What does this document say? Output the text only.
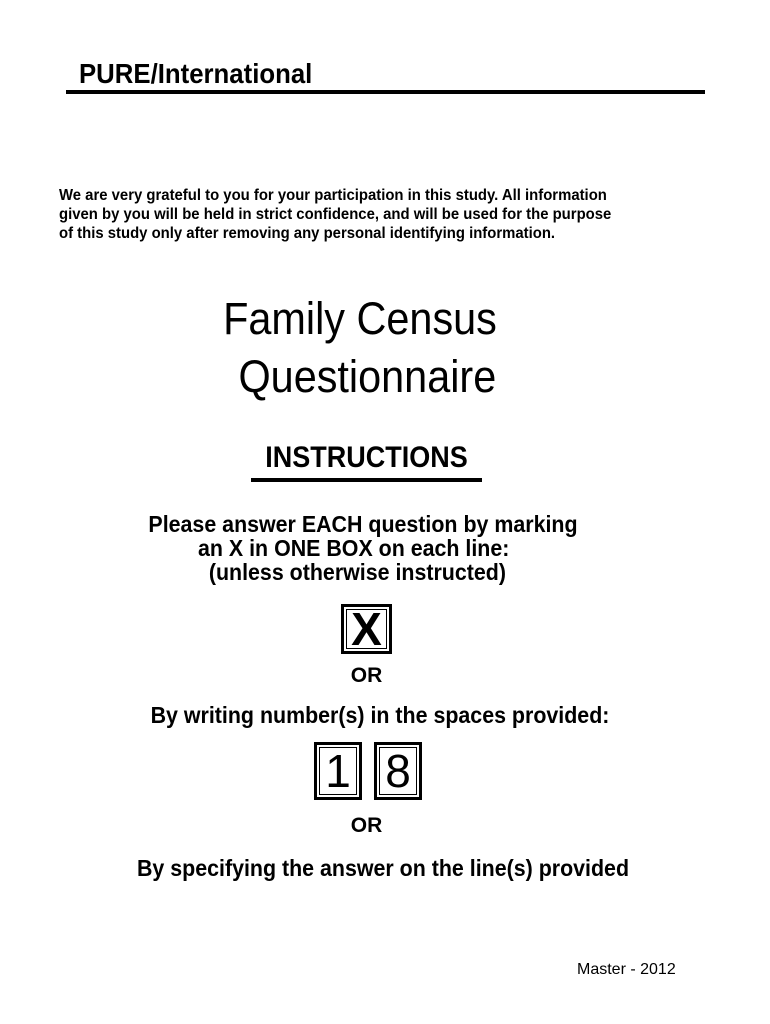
PURE/International
We are very grateful to you for your participation in this study. All information
given by you will be held in strict confidence, and will be used for the purpose
of this study only after removing any personal identifying information.
Family Census
Questionnaire
INSTRUCTIONS
Please answer EACH question by marking
an X in ONE BOX on each line:
(unless otherwise instructed)
X
OR
By writing number(s) in the spaces provided:
1 8
OR
By specifying the answer on the line(s) provided
Master - 2012
